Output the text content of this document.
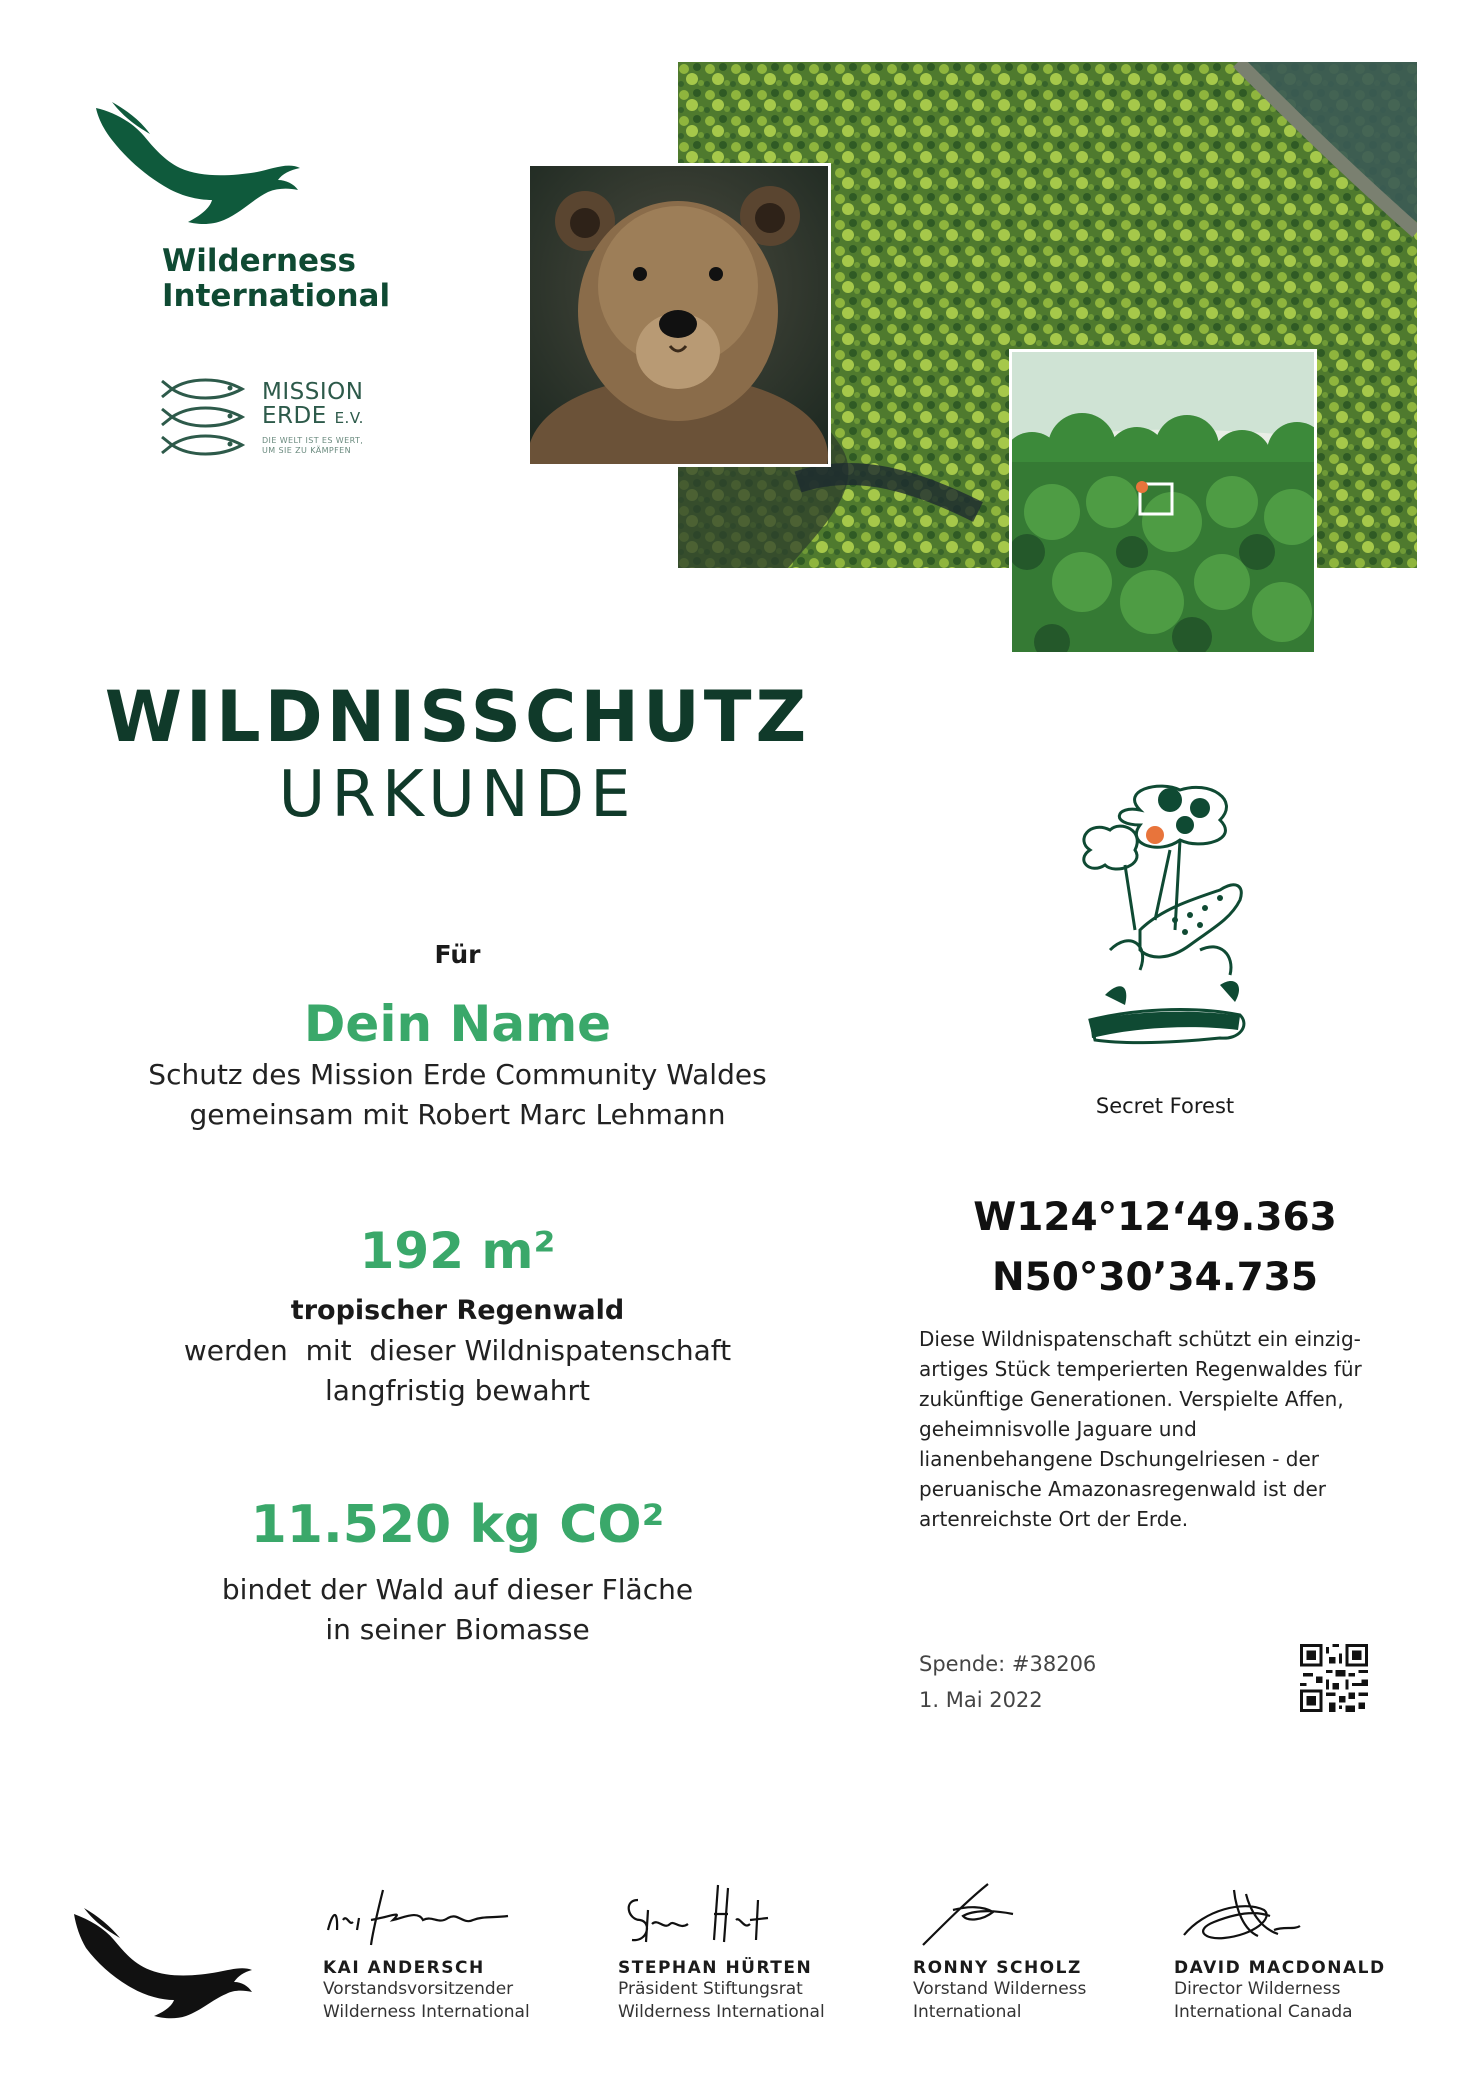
Wilderness
International
MISSION
ERDE E.V.
DIE WELT IST ES WERT,
UM SIE ZU KÄMPFEN
WILDNISSCHUTZ
URKUNDE
Für
Dein Name
Schutz des Mission Erde Community Waldes
gemeinsam mit Robert Marc Lehmann
192 m²
tropischer Regenwald
werden  mit  dieser Wildnispatenschaft
langfristig bewahrt
11.520 kg CO²
bindet der Wald auf dieser Fläche
in seiner Biomasse
Secret Forest
W124°12‘49.363
N50°30’34.735
Diese Wildnispatenschaft schützt ein einzig-
artiges Stück temperierten Regenwaldes für
zukünftige Generationen. Verspielte Affen,
geheimnisvolle Jaguare und
lianenbehangene Dschungelriesen - der
peruanische Amazonasregenwald ist der
artenreichste Ort der Erde.
Spende: #38206
1. Mai 2022
KAI ANDERSCH
Vorstandsvorsitzender
Wilderness International
STEPHAN HÜRTEN
Präsident Stiftungsrat
Wilderness International
RONNY SCHOLZ
Vorstand Wilderness
International
DAVID MACDONALD
Director Wilderness
International Canada
